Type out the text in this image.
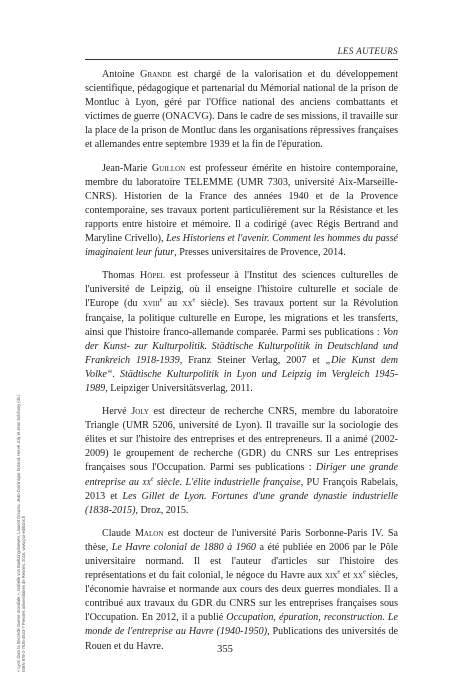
LES AUTEURS

Antoine Grande est chargé de la valorisation et du développement scientifique, pédagogique et partenarial du Mémorial national de la prison de Montluc à Lyon, géré par l'Office national des anciens combattants et victimes de guerre (ONACVG). Dans le cadre de ses missions, il travaille sur la place de la prison de Montluc dans les organisations répressives françaises et allemandes entre septembre 1939 et la fin de l'épuration.

Jean-Marie Guillon est professeur émérite en histoire contemporaine, membre du laboratoire TELEMME (UMR 7303, université Aix-Marseille-CNRS). Historien de la France des années 1940 et de la Provence contemporaine, ses travaux portent particulièrement sur la Résistance et les rapports entre histoire et mémoire. Il a codirigé (avec Régis Bertrand and Maryline Crivello), Les Historiens et l'avenir. Comment les hommes du passé imaginaient leur futur, Presses universitaires de Provence, 2014.

Thomas Höpel est professeur à l'Institut des sciences culturelles de l'université de Leipzig, où il enseigne l'histoire culturelle et sociale de l'Europe (du xviii$^e$ au $xx^e$ siècle). Ses travaux portent sur la Révolution française, la politique culturelle en Europe, les migrations et les transferts, ainsi que l'histoire franco-allemande comparée. Parmi ses publications : Von der Kunst- zur Kulturpolitik. Städtische Kulturpolitik in Deutschland und Frankreich 1918-1939, Franz Steiner Verlag, 2007 et „Die Kunst dem Volke“. Städtische Kulturpolitik in Lyon und Leipzig im Vergleich 1945-1989, Leipziger Universitätsverlag, 2011.

Hervé Joly est directeur de recherche CNRS, membre du laboratoire Triangle (UMR 5206, université de Lyon). Il travaille sur la sociologie des élites et sur l'histoire des entreprises et des entrepreneurs. Il a animé (2002-2009) le groupement de recherche (GDR) du CNRS sur Les entreprises françaises sous l'Occupation. Parmi ses publications : Diriger une grande entreprise au $xx^e$ siècle. L'élite industrielle française, PU François Rabelais, 2013 et Les Gillet de Lyon. Fortunes d'une grande dynastie industrielle (1838-2015), Droz, 2015.

Claude Malon est docteur de l'université Paris Sorbonne-Paris IV. Sa thèse, Le Havre colonial de 1880 à 1960 a été publiée en 2006 par le Pôle universitaire normand. Il est l'auteur d'articles sur l'histoire des représentations et du fait colonial, le négoce du Havre aux xix$^e$ et $xx^e$ siècles, l'économie havraise et normande aux cours des deux guerres mondiales. Il a contribué aux travaux du GDR du CNRS sur les entreprises françaises sous l'Occupation. En 2012, il a publié Occupation, épuration, reconstruction. Le monde de l'entreprise au Havre (1940-1950), Publications des universités de Rouen et du Havre.	355
« Lyon dans la Seconde Guerre mondiale », Isabelle von Bueltzingsloewen, Laurent Douzou, Jean-Dominique Durand, Hervé Joly et Jean Solchany (dir.) ISBN 978-2-7535-4533-7 Presses universitaires de Rennes, 2016, www.pur-editions.fr
